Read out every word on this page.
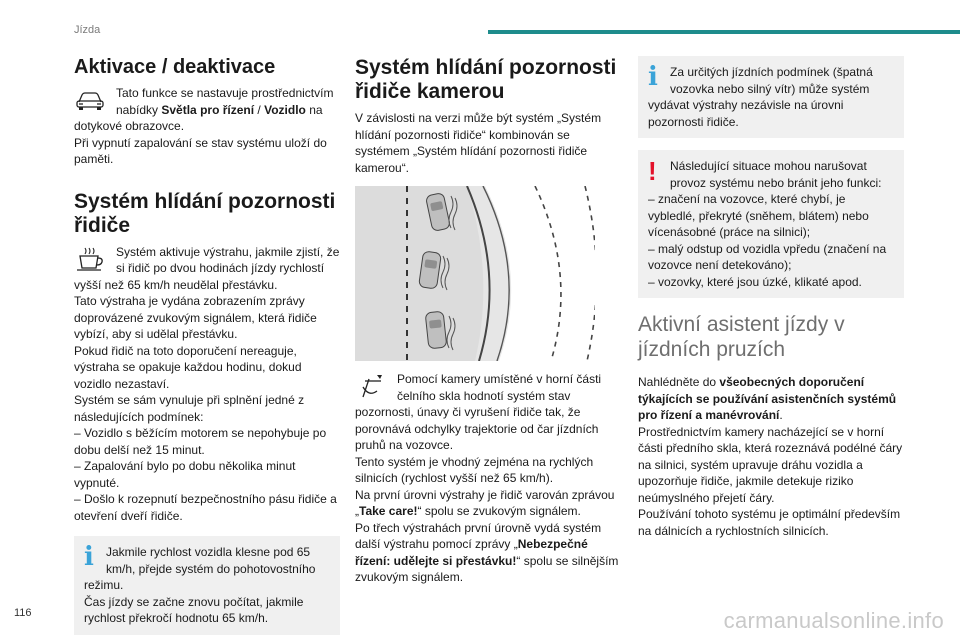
Jízda
Aktivace / deaktivace
Tato funkce se nastavuje prostřednictvím nabídky Světla pro řízení / Vozidlo na dotykové obrazovce.
Při vypnutí zapalování se stav systému uloží do paměti.
Systém hlídání pozornosti řidiče
Systém aktivuje výstrahu, jakmile zjistí, že si řidič po dvou hodinách jízdy rychlostí vyšší než 65 km/h neudělal přestávku.
Tato výstraha je vydána zobrazením zprávy doprovázené zvukovým signálem, která řidiče vybízí, aby si udělal přestávku.
Pokud řidič na toto doporučení nereaguje, výstraha se opakuje každou hodinu, dokud vozidlo nezastaví.
Systém se sám vynuluje při splnění jedné z následujících podmínek:
– Vozidlo s běžícím motorem se nepohybuje po dobu delší než 15 minut.
– Zapalování bylo po dobu několika minut vypnuté.
– Došlo k rozepnutí bezpečnostního pásu řidiče a otevření dveří řidiče.
i	Jakmile rychlost vozidla klesne pod 65 km/h, přejde systém do pohotovostního režimu.
Čas jízdy se začne znovu počítat, jakmile rychlost překročí hodnotu 65 km/h.
Systém hlídání pozornosti řidiče kamerou
V závislosti na verzi může být systém „Systém hlídání pozornosti řidiče“ kombinován se systémem „Systém hlídání pozornosti řidiče kamerou“.
Pomocí kamery umístěné v horní části čelního skla hodnotí systém stav pozornosti, únavy či vyrušení řidiče tak, že porovnává odchylky trajektorie od čar jízdních pruhů na vozovce.
Tento systém je vhodný zejména na rychlých silnicích (rychlost vyšší než 65 km/h).
Na první úrovni výstrahy je řidič varován zprávou „Take care!“ spolu se zvukovým signálem.
Po třech výstrahách první úrovně vydá systém další výstrahu pomocí zprávy „Nebezpečné řízení: udělejte si přestávku!“ spolu se silnějším zvukovým signálem.
i	Za určitých jízdních podmínek (špatná vozovka nebo silný vítr) může systém vydávat výstrahy nezávisle na úrovni pozornosti řidiče.
!	Následující situace mohou narušovat provoz systému nebo bránit jeho funkci:
– značení na vozovce, které chybí, je vybledlé, překryté (sněhem, blátem) nebo vícenásobné (práce na silnici);
– malý odstup od vozidla vpředu (značení na vozovce není detekováno);
– vozovky, které jsou úzké, klikaté apod.
Aktivní asistent jízdy v jízdních pruzích
Nahlédněte do všeobecných doporučení týkajících se používání asistenčních systémů pro řízení a manévrování.
Prostřednictvím kamery nacházející se v horní části předního skla, která rozeznává podélné čáry na silnici, systém upravuje dráhu vozidla a upozorňuje řidiče, jakmile detekuje riziko neúmyslného přejetí čáry.
Používání tohoto systému je optimální především na dálnicích a rychlostních silnicích.
116	carmanualsonline.info
